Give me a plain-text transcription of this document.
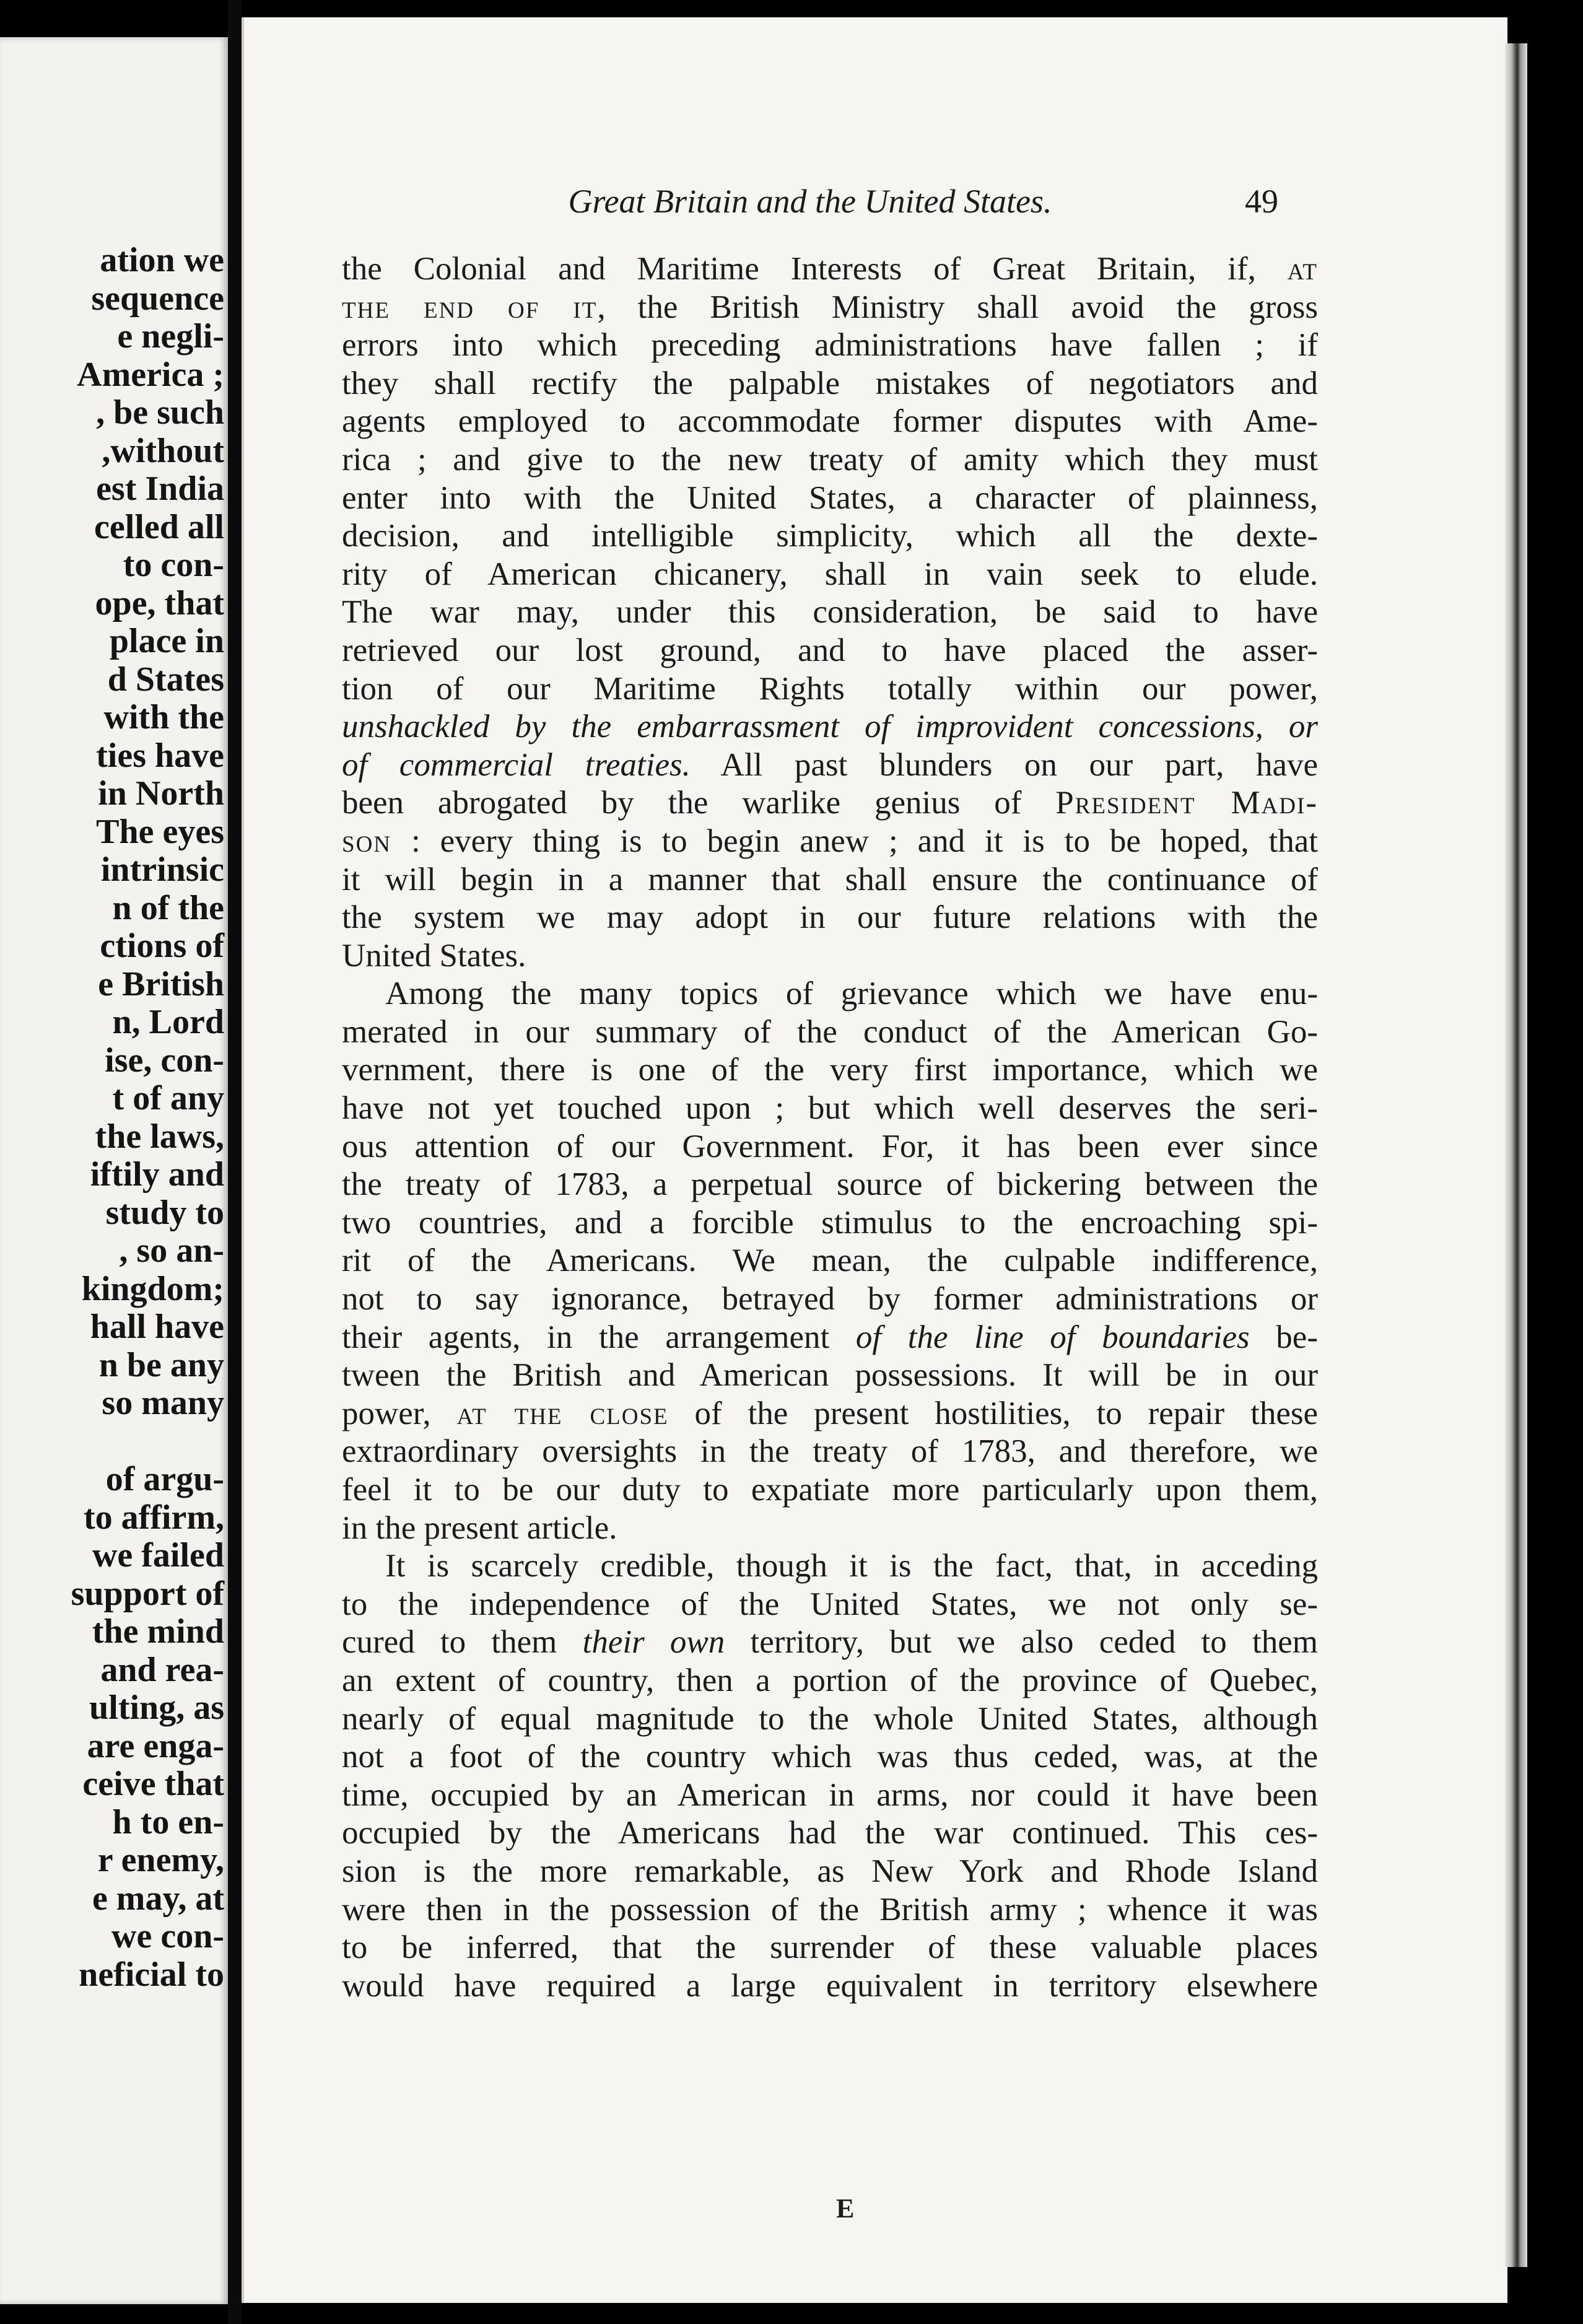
ation we
sequence
e negli-
America ;
, be such
,without
est India
celled all
to con-
ope, that
place in
d States
with the
ties have
in North
The eyes
intrinsic
n of the
ctions of
e British
n, Lord
ise, con-
t of any
the laws,
iftily and
study to
, so an-
kingdom;
hall have
n be any
so many

of argu-
to affirm,
we failed
support of
the mind
and rea-
ulting, as
are enga-
ceive that
h to en-
r enemy,
e may, at
we con-
neficial to
Great Britain and the United States.	49
the Colonial and Maritime Interests of Great Britain, if, at
the end of it, the British Ministry shall avoid the gross
errors into which preceding administrations have fallen ; if
they shall rectify the palpable mistakes of negotiators and
agents employed to accommodate former disputes with Ame-
rica ; and give to the new treaty of amity which they must
enter into with the United States, a character of plainness,
decision, and intelligible simplicity, which all the dexte-
rity of American chicanery, shall in vain seek to elude.
The war may, under this consideration, be said to have
retrieved our lost ground, and to have placed the asser-
tion of our Maritime Rights totally within our power,
unshackled by the embarrassment of improvident concessions, or
of commercial treaties. All past blunders on our part, have
been abrogated by the warlike genius of President Madi-
son : every thing is to begin anew ; and it is to be hoped, that
it will begin in a manner that shall ensure the continuance of
the system we may adopt in our future relations with the
United States.
Among the many topics of grievance which we have enu-
merated in our summary of the conduct of the American Go-
vernment, there is one of the very first importance, which we
have not yet touched upon ; but which well deserves the seri-
ous attention of our Government. For, it has been ever since
the treaty of 1783, a perpetual source of bickering between the
two countries, and a forcible stimulus to the encroaching spi-
rit of the Americans. We mean, the culpable indifference,
not to say ignorance, betrayed by former administrations or
their agents, in the arrangement of the line of boundaries be-
tween the British and American possessions. It will be in our
power, at the close of the present hostilities, to repair these
extraordinary oversights in the treaty of 1783, and therefore, we
feel it to be our duty to expatiate more particularly upon them,
in the present article.
It is scarcely credible, though it is the fact, that, in acceding
to the independence of the United States, we not only se-
cured to them their own territory, but we also ceded to them
an extent of country, then a portion of the province of Quebec,
nearly of equal magnitude to the whole United States, although
not a foot of the country which was thus ceded, was, at the
time, occupied by an American in arms, nor could it have been
occupied by the Americans had the war continued. This ces-
sion is the more remarkable, as New York and Rhode Island
were then in the possession of the British army ; whence it was
to be inferred, that the surrender of these valuable places
would have required a large equivalent in territory elsewhere
E
